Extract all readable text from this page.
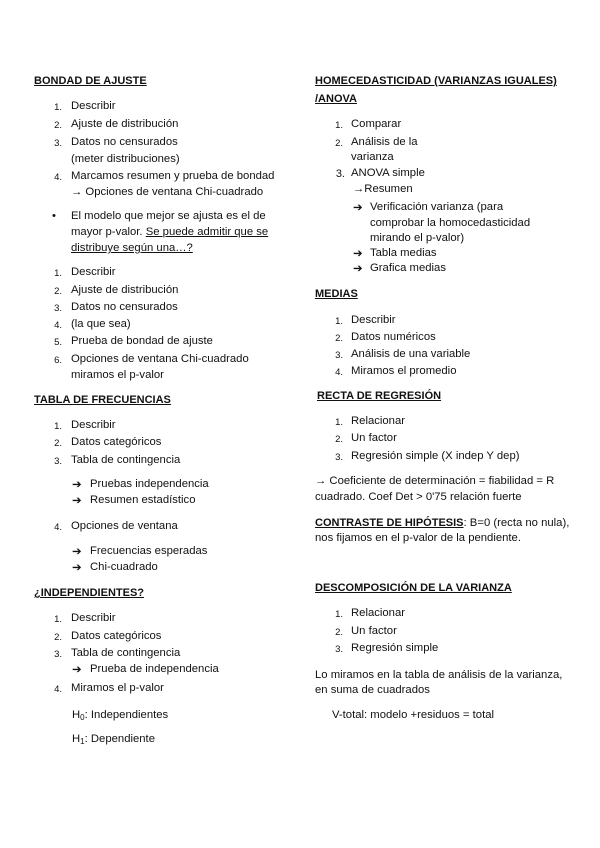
BONDAD DE AJUSTE
1. Describir
2. Ajuste de distribución
3. Datos no censurados
(meter distribuciones)
4. Marcamos resumen y prueba de bondad
→ Opciones de ventana Chi-cuadrado
• El modelo que mejor se ajusta es el de
mayor p-valor. Se puede admitir que se
distribuye según una…?
1. Describir
2. Ajuste de distribución
3. Datos no censurados
4. (la que sea)
5. Prueba de bondad de ajuste
6. Opciones de ventana Chi-cuadrado
miramos el p-valor
TABLA DE FRECUENCIAS
1. Describir
2. Datos categóricos
3. Tabla de contingencia
➔ Pruebas independencia
➔ Resumen estadístico
4. Opciones de ventana
➔ Frecuencias esperadas
➔ Chi-cuadrado
¿INDEPENDIENTES?
1. Describir
2. Datos categóricos
3. Tabla de contingencia
➔ Prueba de independencia
4. Miramos el p-valor
$H_0$: Independientes
$H_1$: Dependiente
HOMECEDASTICIDAD (VARIANZAS IGUALES)
/ANOVA
1. Comparar
2. Análisis de la
varianza
3. ANOVA simple
→Resumen
➔ Verificación varianza (para
comprobar la homocedasticidad
mirando el p-valor)
➔ Tabla medias
➔ Grafica medias
MEDIAS
1. Describir
2. Datos numéricos
3. Análisis de una variable
4. Miramos el promedio
RECTA DE REGRESIÓN
1. Relacionar
2. Un factor
3. Regresión simple (X indep Y dep)
→ Coeficiente de determinación = fiabilidad = R
cuadrado. Coef Det > 0'75 relación fuerte
CONTRASTE DE HIPÓTESIS: B=0 (recta no nula),
nos fijamos en el p-valor de la pendiente.
DESCOMPOSICIÓN DE LA VARIANZA
1. Relacionar
2. Un factor
3. Regresión simple
Lo miramos en la tabla de análisis de la varianza,
en suma de cuadrados
V-total: modelo +residuos = total
